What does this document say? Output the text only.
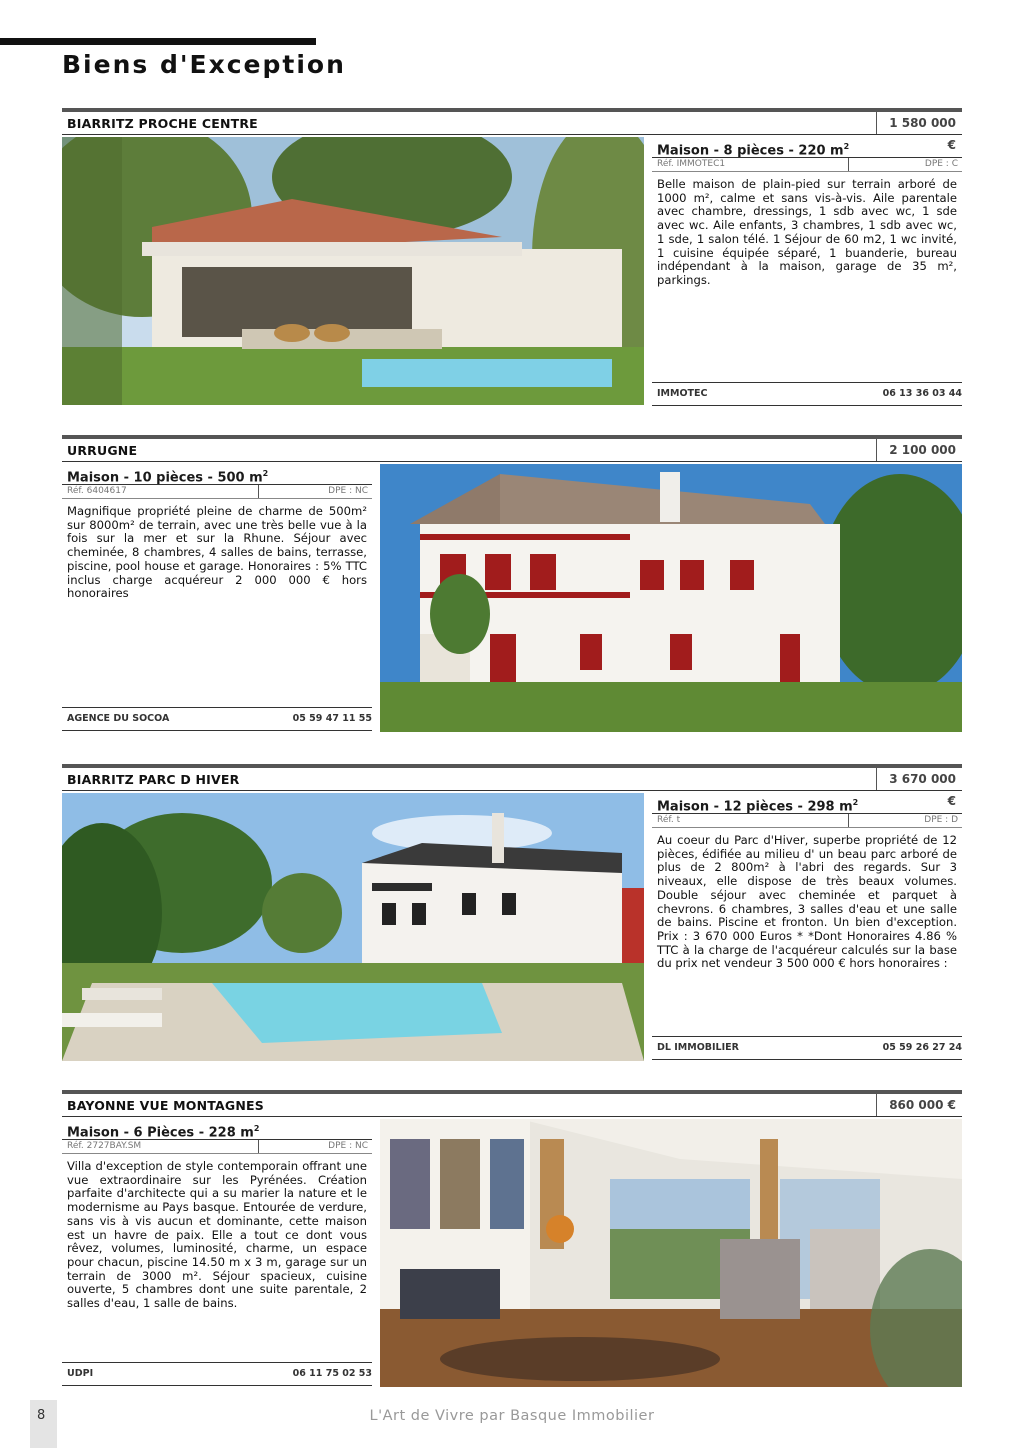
Biens d'Exception
BIARRITZ PROCHE CENTRE	1 580 000 €
Maison - 8 pièces - 220 $m^2$
Réf. IMMOTEC1	DPE : C

Belle maison de plain-pied sur terrain arboré de 1000 m², calme et sans vis-à-vis. Aile parentale avec chambre, dressings, 1 sdb avec wc, 1 sde avec wc. Aile enfants, 3 chambres, 1 sdb avec wc, 1 sde, 1 salon télé. 1 Séjour de 60 m2, 1 wc invité, 1 cuisine équipée séparé, 1 buanderie, bureau indépendant à la maison, garage de 35 m², parkings.

IMMOTEC	06 13 36 03 44
URRUGNE	2 100 000
Maison - 10 pièces - 500 $m^2$
Réf. 6404617	DPE : NC

Magnifique propriété pleine de charme de 500m² sur 8000m² de terrain, avec une très belle vue à la fois sur la mer et sur la Rhune. Séjour avec cheminée, 8 chambres, 4 salles de bains, terrasse, piscine, pool house et garage. Honoraires : 5% TTC inclus charge acquéreur 2 000 000 € hors honoraires

AGENCE DU SOCOA	05 59 47 11 55
BIARRITZ PARC D HIVER	3 670 000 €
Maison - 12 pièces - 298 $m^2$
Réf. t	DPE : D

Au coeur du Parc d'Hiver, superbe propriété de 12 pièces, édifiée au milieu d' un beau parc arboré de plus de 2 800m² à l'abri des regards. Sur 3 niveaux, elle dispose de très beaux volumes. Double séjour avec cheminée et parquet à chevrons. 6 chambres, 3 salles d'eau et une salle de bains. Piscine et fronton. Un bien d'exception. Prix : 3 670 000 Euros * *Dont Honoraires 4.86 % TTC à la charge de l'acquéreur calculés sur la base du prix net vendeur 3 500 000 € hors honoraires :

DL IMMOBILIER	05 59 26 27 24
BAYONNE VUE MONTAGNES	860 000 €
Maison - 6 Pièces - 228 $m^2$
Réf. 2727BAY.SM	DPE : NC

Villa d'exception de style contemporain offrant une vue extraordinaire sur les Pyrénées. Création parfaite d'architecte qui a su marier la nature et le modernisme au Pays basque. Entourée de verdure, sans vis à vis aucun et dominante, cette maison est un havre de paix. Elle a tout ce dont vous rêvez, volumes, luminosité, charme, un espace pour chacun, piscine 14.50 m x 3 m, garage sur un terrain de 3000 m². Séjour spacieux, cuisine ouverte, 5 chambres dont une suite parentale, 2 salles d'eau, 1 salle de bains.

UDPI	06 11 75 02 53
8	L'Art de Vivre par Basque Immobilier
